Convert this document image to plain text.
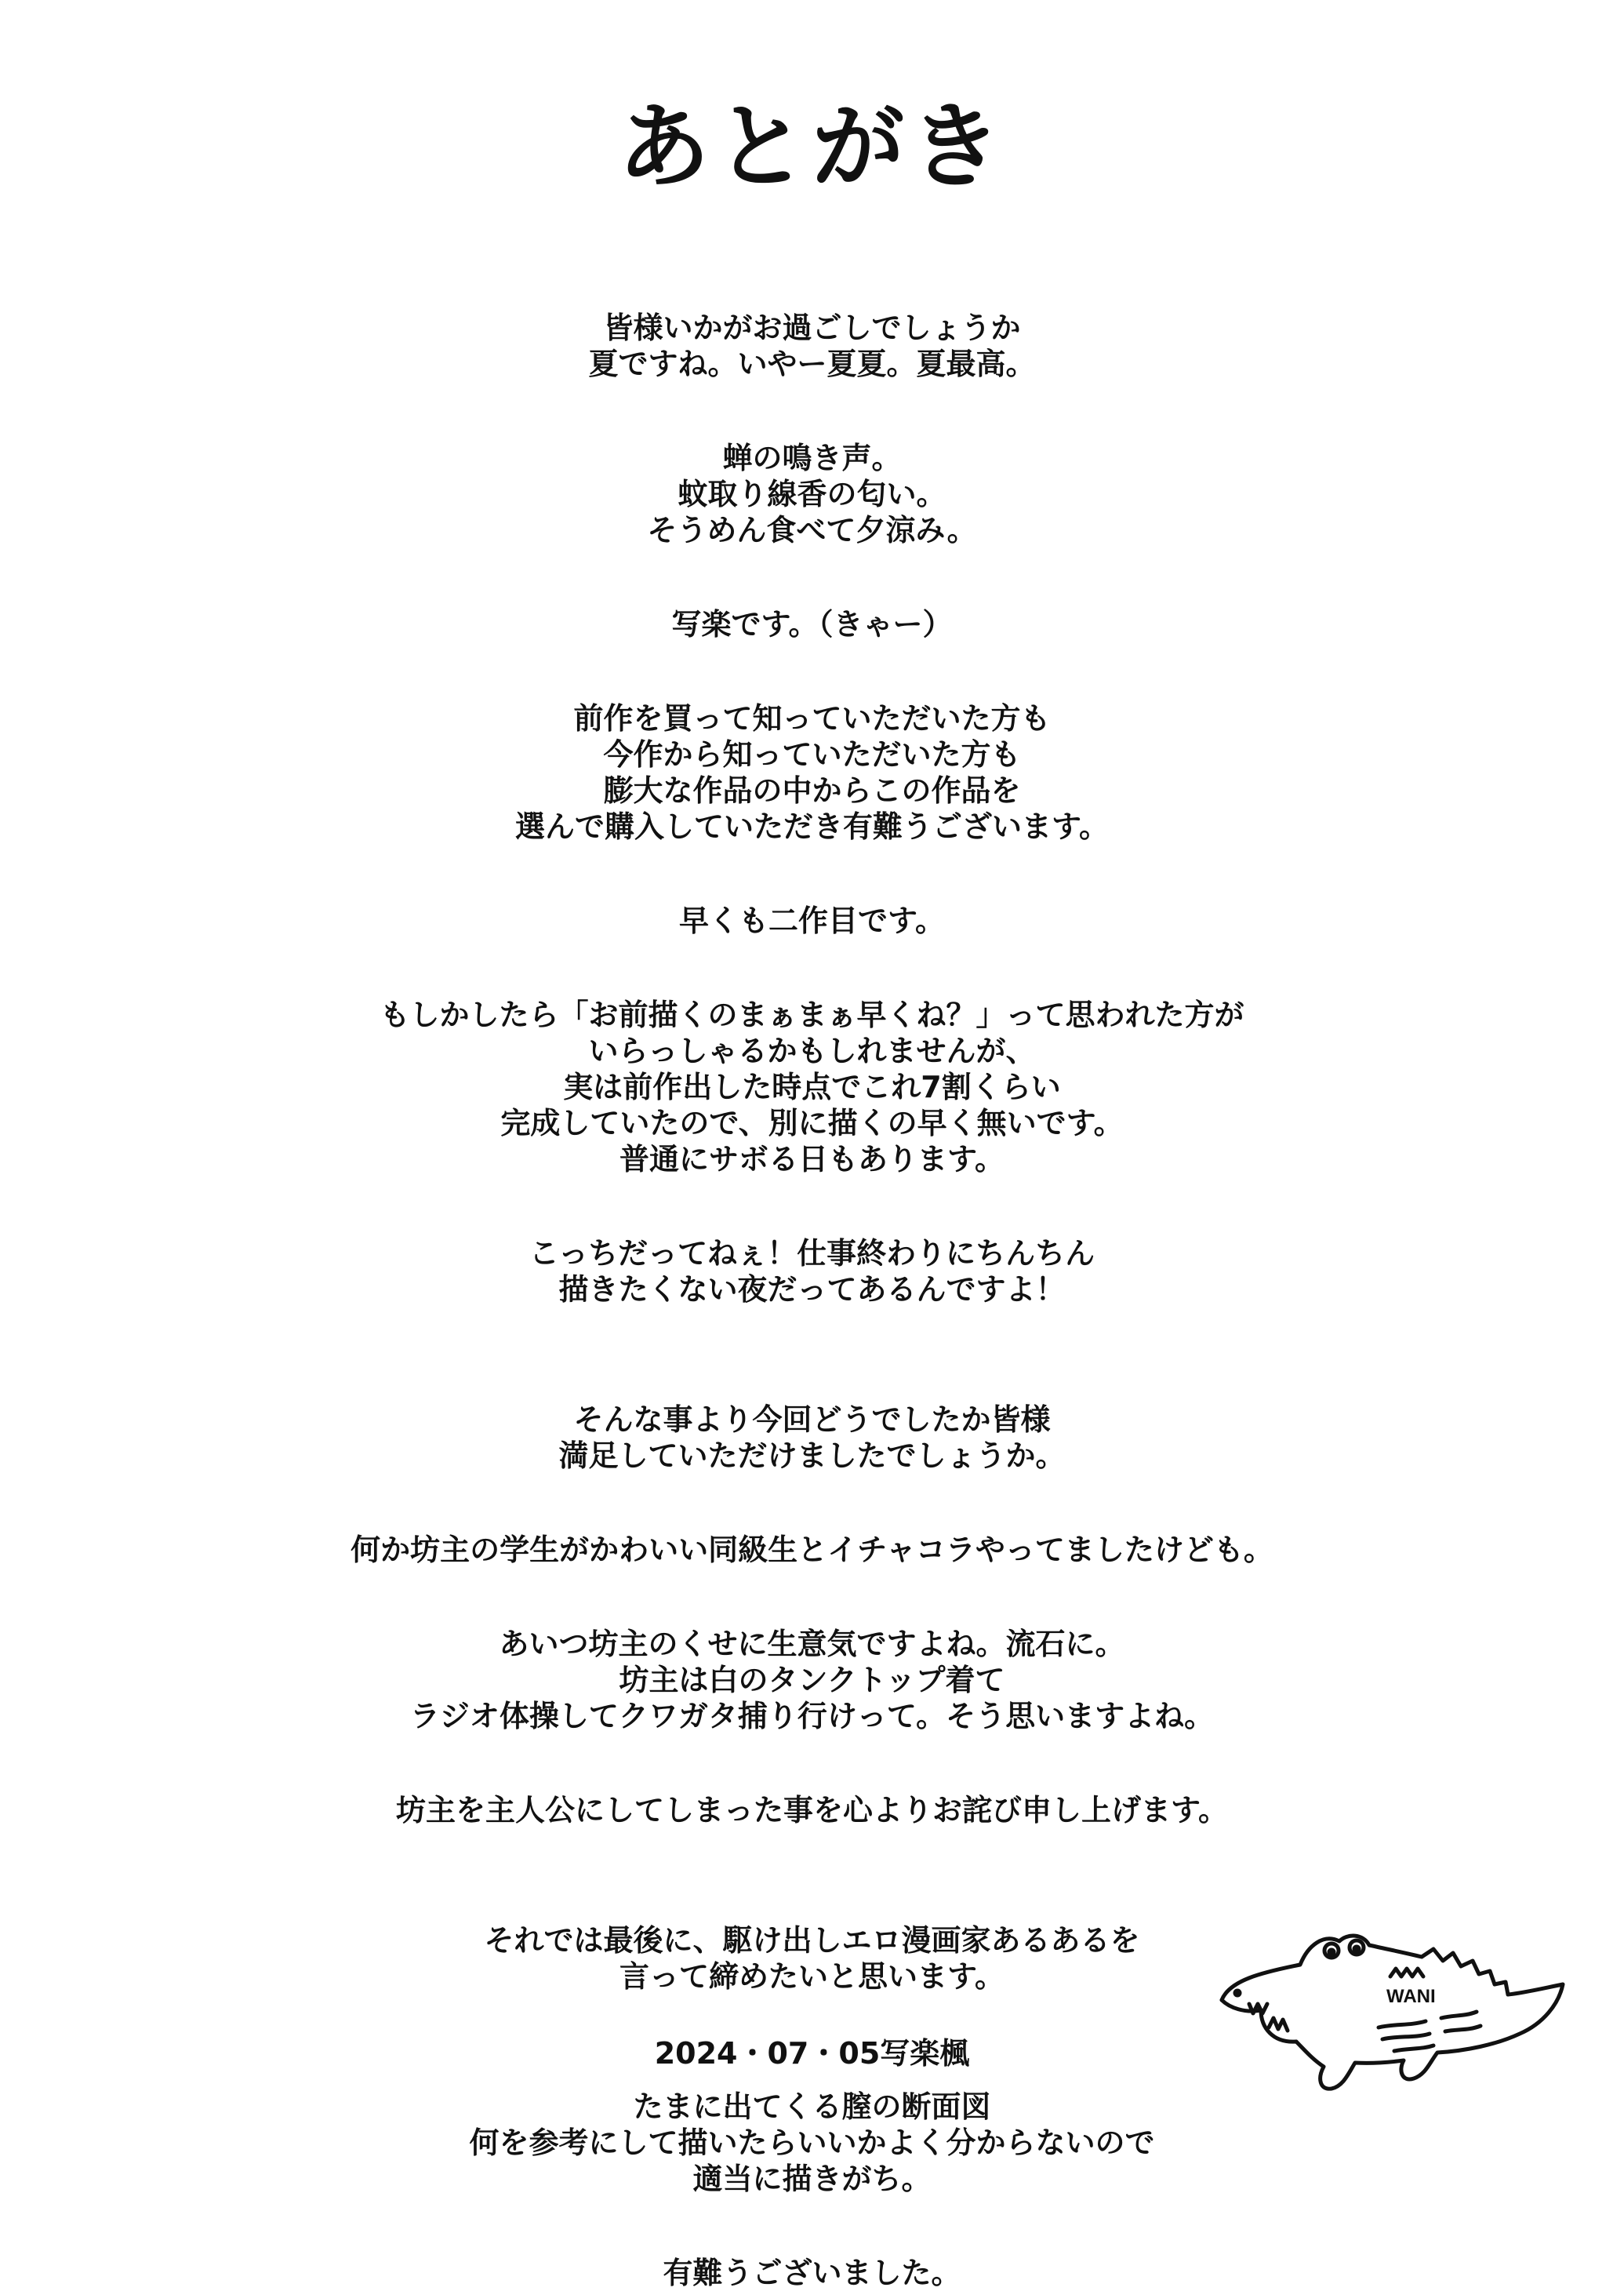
あとがき
皆様いかがお過ごしでしょうか
夏ですね。いやー夏夏。夏最高。
蝉の鳴き声。
蚊取り線香の匂い。
そうめん食べて夕涼み。
写楽です。（きゃー）
前作を買って知っていただいた方も
今作から知っていただいた方も
膨大な作品の中からこの作品を
選んで購入していただき有難うございます。
早くも二作目です。
もしかしたら「お前描くのまぁまぁ早くね？」って思われた方が
いらっしゃるかもしれませんが、
実は前作出した時点でこれ7割くらい
完成していたので、別に描くの早く無いです。
普通にサボる日もあります。
こっちだってねぇ！仕事終わりにちんちん
描きたくない夜だってあるんですよ！
そんな事より今回どうでしたか皆様
満足していただけましたでしょうか。
何か坊主の学生がかわいい同級生とイチャコラやってましたけども。
あいつ坊主のくせに生意気ですよね。流石に。
坊主は白のタンクトップ着て
ラジオ体操してクワガタ捕り行けって。そう思いますよね。
坊主を主人公にしてしまった事を心よりお詫び申し上げます。
それでは最後に、駆け出しエロ漫画家あるあるを
言って締めたいと思います。
たまに出てくる膣の断面図
何を参考にして描いたらいいかよく分からないので
適当に描きがち。
有難うございました。
2024・07・05写楽楓
WANI
